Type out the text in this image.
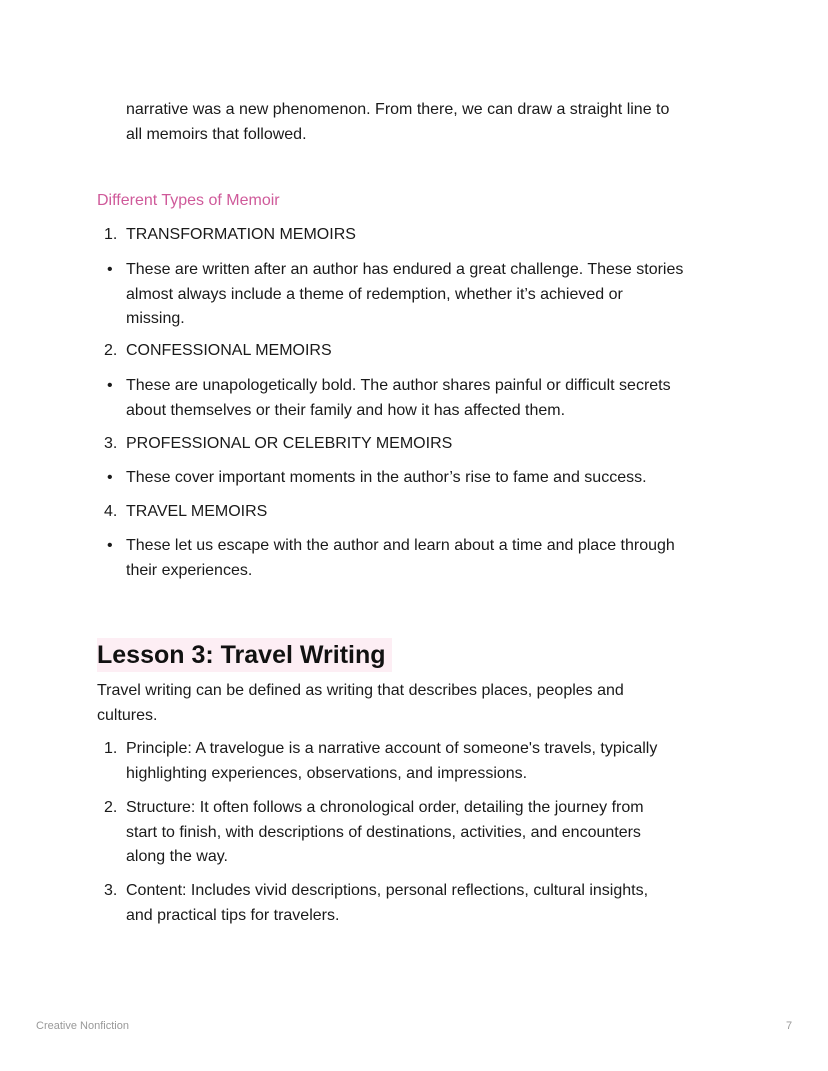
narrative was a new phenomenon. From there, we can draw a straight line to
all memoirs that followed.
Different Types of Memoir
1. TRANSFORMATION MEMOIRS
• These are written after an author has endured a great challenge. These stories
almost always include a theme of redemption, whether it’s achieved or
missing.
2. CONFESSIONAL MEMOIRS
• These are unapologetically bold. The author shares painful or difficult secrets
about themselves or their family and how it has affected them.
3. PROFESSIONAL OR CELEBRITY MEMOIRS
• These cover important moments in the author’s rise to fame and success.
4. TRAVEL MEMOIRS
• These let us escape with the author and learn about a time and place through
their experiences.
Lesson 3: Travel Writing
Travel writing can be defined as writing that describes places, peoples and
cultures.
1. Principle: A travelogue is a narrative account of someone's travels, typically
highlighting experiences, observations, and impressions.
2. Structure: It often follows a chronological order, detailing the journey from
start to finish, with descriptions of destinations, activities, and encounters
along the way.
3. Content: Includes vivid descriptions, personal reflections, cultural insights,
and practical tips for travelers.
Creative Nonfiction	7
